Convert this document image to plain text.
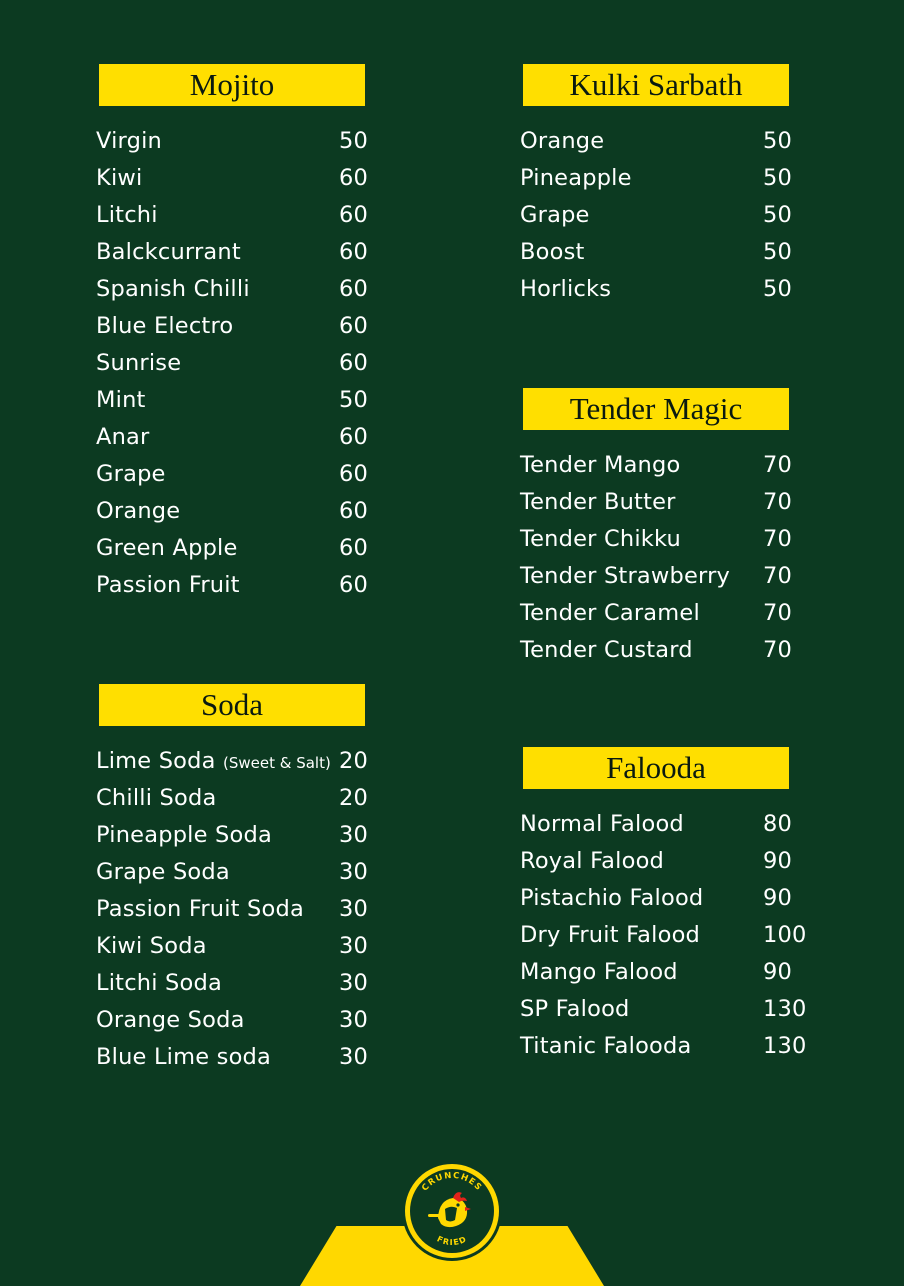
Mojito
Virgin	50
Kiwi	60
Litchi	60
Balckcurrant	60
Spanish Chilli	60
Blue Electro	60
Sunrise	60
Mint	50
Anar	60
Grape	60
Orange	60
Green Apple	60
Passion Fruit	60
Kulki Sarbath
Orange	50
Pineapple	50
Grape	50
Boost	50
Horlicks	50
Tender Magic
Tender Mango	70
Tender Butter	70
Tender Chikku	70
Tender Strawberry 70
Tender Caramel	70
Tender Custard	70
Soda
Lime Soda (Sweet & Salt) 20
Chilli Soda	20
Pineapple Soda	30
Grape Soda	30
Passion Fruit Soda 30
Kiwi Soda	30
Litchi Soda	30
Orange Soda	30
Blue Lime soda	30
Falooda
Normal Falood	80
Royal Falood	90
Pistachio Falood	90
Dry Fruit Falood	100
Mango Falood	90
SP Falood	130
Titanic Falooda	130
CRUNCHES
FRIED
